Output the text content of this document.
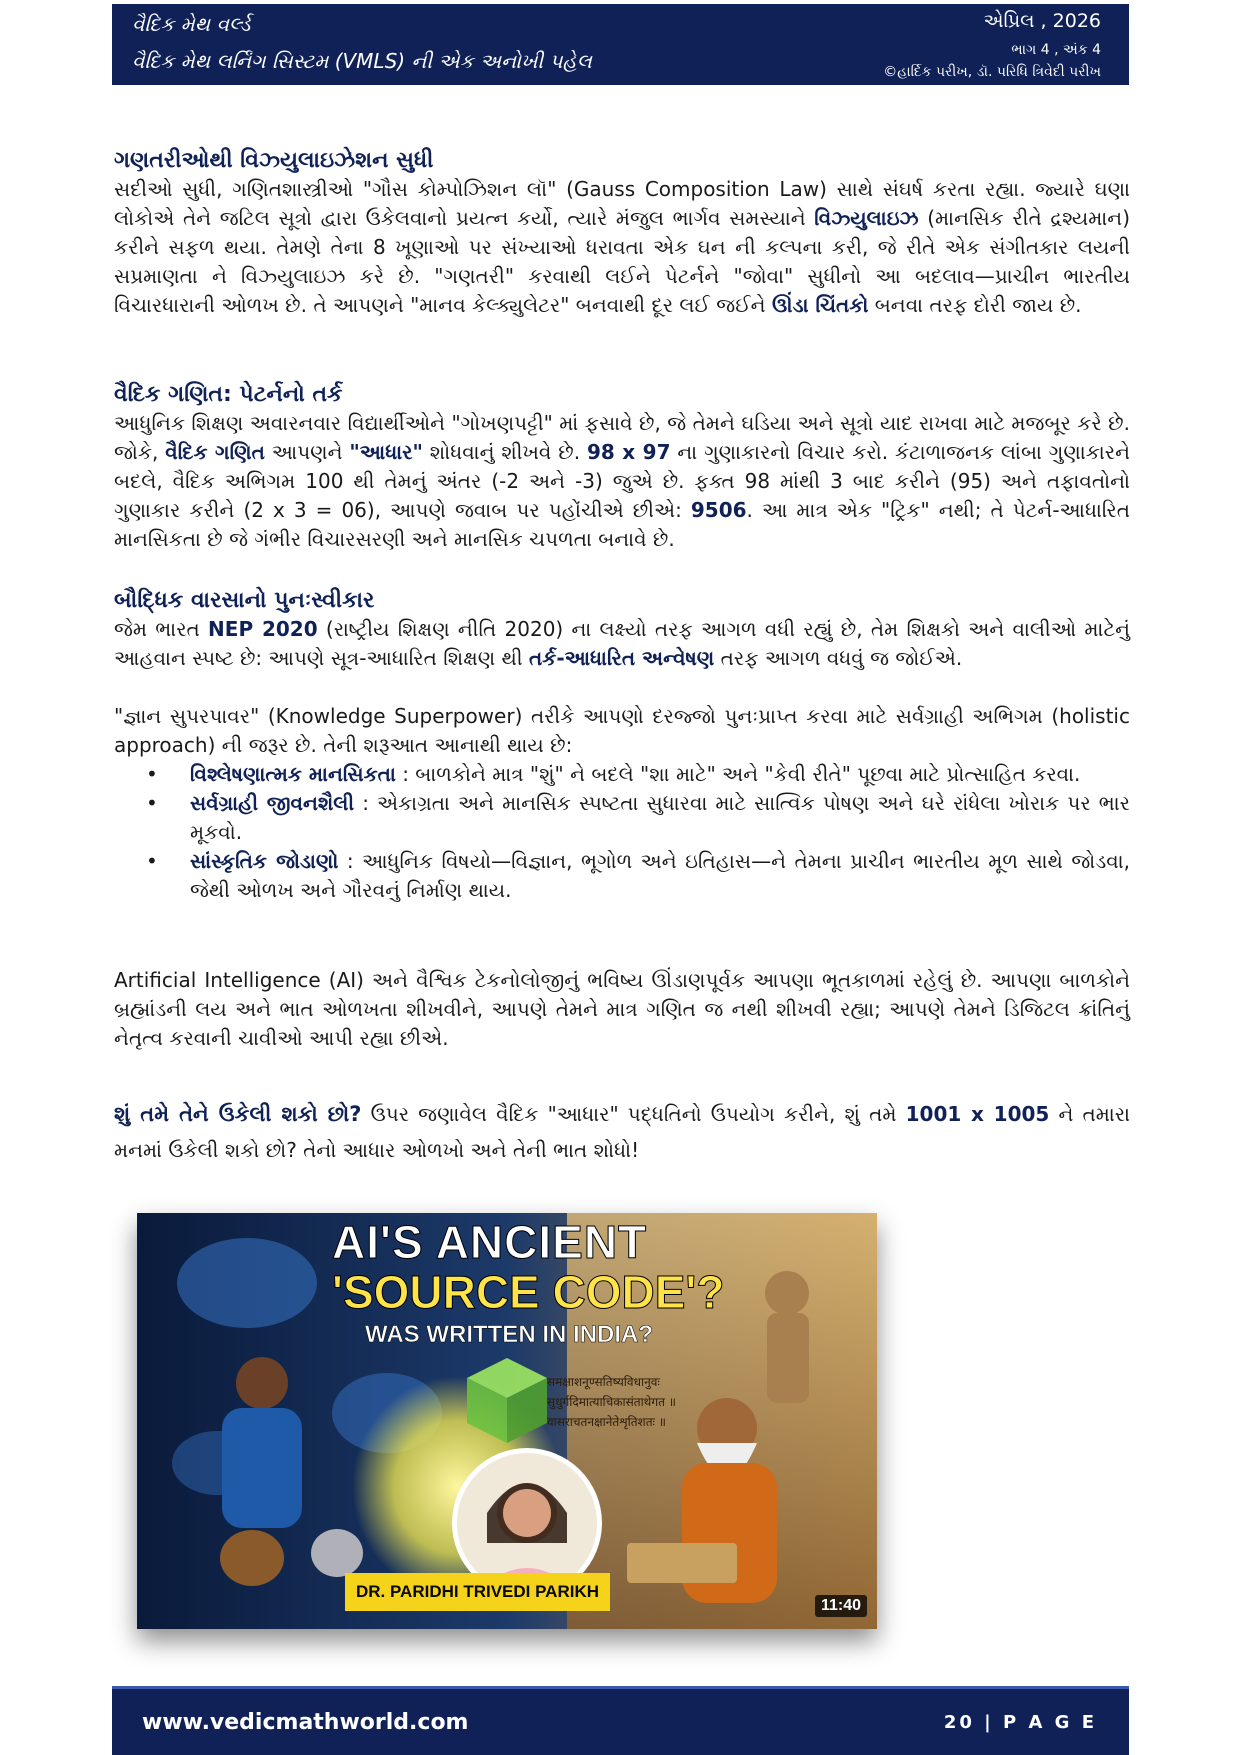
વૈદિક મેથ વર્લ્ડ
વૈદિક મેથ લર્નિંગ સિસ્ટમ (VMLS) ની એક અનોખી પહેલ
એપ્રિલ , 2026
ભાગ 4 , અંક 4
©હાર્દિક પરીખ, ડૉ. પરિધિ ત્રિવેદી પરીખ
ગણતરીઓથી વિઝ્યુલાઇઝેશન સુધી

સદીઓ સુધી, ગણિતશાસ્ત્રીઓ "ગૌસ કોમ્પોઝિશન લૉ" (Gauss Composition Law) સાથે સંઘર્ષ કરતા રહ્યા. જ્યારે ઘણા લોકોએ તેને જટિલ સૂત્રો દ્વારા ઉકેલવાનો પ્રયત્ન કર્યો, ત્યારે મંજુલ ભાર્ગવ સમસ્યાને વિઝ્યુલાઇઝ (માનસિક રીતે દ્રશ્યમાન) કરીને સફળ થયા. તેમણે તેના 8 ખૂણાઓ પર સંખ્યાઓ ધરાવતા એક ઘન ની કલ્પના કરી, જે રીતે એક સંગીતકાર લયની સપ્રમાણતા ને વિઝ્યુલાઇઝ કરે છે. "ગણતરી" કરવાથી લઈને પેટર્નને "જોવા" સુધીનો આ બદલાવ—પ્રાચીન ભારતીય વિચારધારાની ઓળખ છે. તે આપણને "માનવ કેલ્ક્યુલેટર" બનવાથી દૂર લઈ જઈને ઊંડા ચિંતકો બનવા તરફ દોરી જાય છે.

વૈદિક ગણિત: પેટર્નનો તર્ક

આધુનિક શિક્ષણ અવારનવાર વિદ્યાર્થીઓને "ગોખણપટ્ટી" માં ફસાવે છે, જે તેમને ઘડિયા અને સૂત્રો યાદ રાખવા માટે મજબૂર કરે છે. જોકે, વૈદિક ગણિત આપણને "આધાર" શોધવાનું શીખવે છે. 98 x 97 ના ગુણાકારનો વિચાર કરો. કંટાળાજનક લાંબા ગુણાકારને બદલે, વૈદિક અભિગમ 100 થી તેમનું અંતર (-2 અને -3) જુએ છે. ફક્ત 98 માંથી 3 બાદ કરીને (95) અને તફાવતોનો ગુણાકાર કરીને (2 x 3 = 06), આપણે જવાબ પર પહોંચીએ છીએ: 9506. આ માત્ર એક "ટ્રિક" નથી; તે પેટર્ન-આધારિત માનસિકતા છે જે ગંભીર વિચારસરણી અને માનસિક ચપળતા બનાવે છે.

બૌદ્ધિક વારસાનો પુનઃસ્વીકાર

જેમ ભારત NEP 2020 (રાષ્ટ્રીય શિક્ષણ નીતિ 2020) ના લક્ષ્યો તરફ આગળ વધી રહ્યું છે, તેમ શિક્ષકો અને વાલીઓ માટેનું આહવાન સ્પષ્ટ છે: આપણે સૂત્ર-આધારિત શિક્ષણ થી તર્ક-આધારિત અન્વેષણ તરફ આગળ વધવું જ જોઈએ.

"જ્ઞાન સુપરપાવર" (Knowledge Superpower) તરીકે આપણો દરજ્જો પુનઃપ્રાપ્ત કરવા માટે સર્વગ્રાહી અભિગમ (holistic approach) ની જરૂર છે. તેની શરૂઆત આનાથી થાય છે:

• વિશ્લેષણાત્મક માનસિકતા : બાળકોને માત્ર "શું" ને બદલે "શા માટે" અને "કેવી રીતે" પૂછવા માટે પ્રોત્સાહિત કરવા.
• સર્વગ્રાહી જીવનશૈલી : એકાગ્રતા અને માનસિક સ્પષ્ટતા સુધારવા માટે સાત્વિક પોષણ અને ઘરે રાંધેલા ખોરાક પર ભાર મૂકવો.
• સાંસ્કૃતિક જોડાણો : આધુનિક વિષયો—વિજ્ઞાન, ભૂગોળ અને ઇતિહાસ—ને તેમના પ્રાચીન ભારતીય મૂળ સાથે જોડવા, જેથી ઓળખ અને ગૌરવનું નિર્માણ થાય.

Artificial Intelligence (AI) અને વૈશ્વિક ટેકનોલોજીનું ભવિષ્ય ઊંડાણપૂર્વક આપણા ભૂતકાળમાં રહેલું છે. આપણા બાળકોને બ્રહ્માંડની લય અને ભાત ઓળખતા શીખવીને, આપણે તેમને માત્ર ગણિત જ નથી શીખવી રહ્યા; આપણે તેમને ડિજિટલ ક્રાંતિનું નેતૃત્વ કરવાની ચાવીઓ આપી રહ્યા છીએ.

શું તમે તેને ઉકેલી શકો છો? ઉપર જણાવેલ વૈદિક "આધાર" પદ્ધતિનો ઉપયોગ કરીને, શું તમે 1001 x 1005 ને તમારા મનમાં ઉકેલી શકો છો? તેનો આધાર ઓળખો અને તેની ભાત શોધો!

AI'S ANCIENT
'SOURCE CODE'?
WAS WRITTEN IN INDIA?
समक्षाशनूण्सतिष्यविधानुवः
सुधुर्गदिमात्याचिकासंताथेगत ॥
वासराचतनक्षानेतेशृतिशतः ॥
DR. PARIDHI TRIVEDI PARIKH
11:40
www.vedicmathworld.com	20 | P A G E
